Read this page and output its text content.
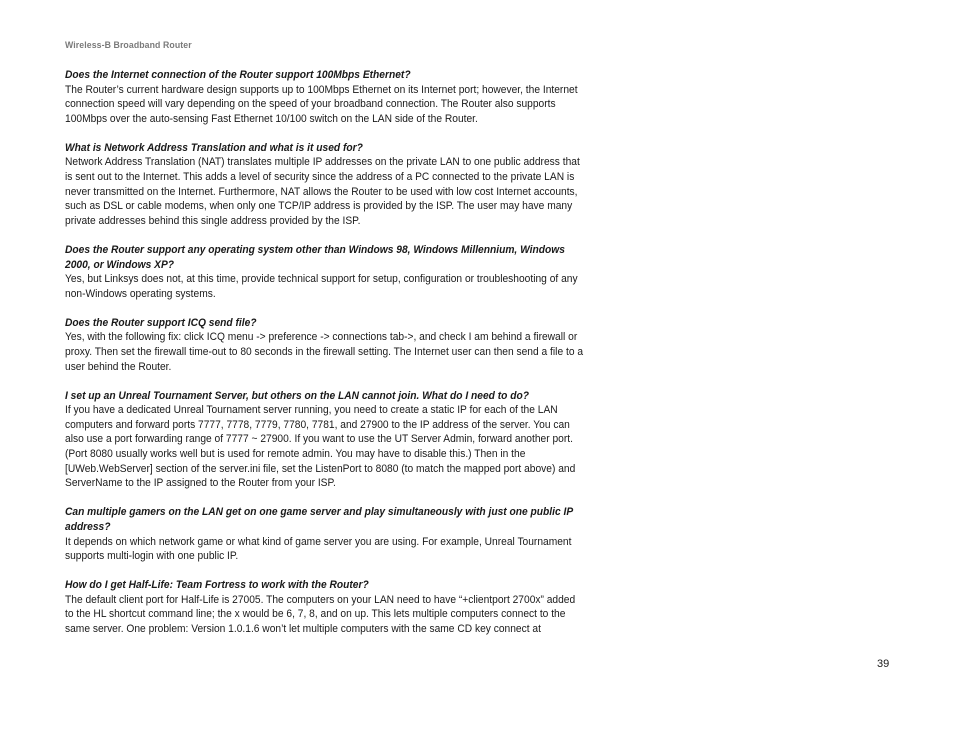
Wireless-B Broadband Router

Does the Internet connection of the Router support 100Mbps Ethernet?

The Router’s current hardware design supports up to 100Mbps Ethernet on its Internet port; however, the Internet connection speed will vary depending on the speed of your broadband connection. The Router also supports 100Mbps over the auto-sensing Fast Ethernet 10/100 switch on the LAN side of the Router.

What is Network Address Translation and what is it used for?

Network Address Translation (NAT) translates multiple IP addresses on the private LAN to one public address that is sent out to the Internet. This adds a level of security since the address of a PC connected to the private LAN is never transmitted on the Internet. Furthermore, NAT allows the Router to be used with low cost Internet accounts, such as DSL or cable modems, when only one TCP/IP address is provided by the ISP. The user may have many private addresses behind this single address provided by the ISP.

Does the Router support any operating system other than Windows 98, Windows Millennium, Windows 2000, or Windows XP?

Yes, but Linksys does not, at this time, provide technical support for setup, configuration or troubleshooting of any non-Windows operating systems.

Does the Router support ICQ send file?

Yes, with the following fix: click ICQ menu -> preference -> connections tab->, and check I am behind a firewall or proxy. Then set the firewall time-out to 80 seconds in the firewall setting. The Internet user can then send a file to a user behind the Router.

I set up an Unreal Tournament Server, but others on the LAN cannot join. What do I need to do?

If you have a dedicated Unreal Tournament server running, you need to create a static IP for each of the LAN computers and forward ports 7777, 7778, 7779, 7780, 7781, and 27900 to the IP address of the server. You can also use a port forwarding range of 7777 ~ 27900. If you want to use the UT Server Admin, forward another port. (Port 8080 usually works well but is used for remote admin. You may have to disable this.) Then in the [UWeb.WebServer] section of the server.ini file, set the ListenPort to 8080 (to match the mapped port above) and ServerName to the IP assigned to the Router from your ISP.

Can multiple gamers on the LAN get on one game server and play simultaneously with just one public IP address?

It depends on which network game or what kind of game server you are using. For example, Unreal Tournament supports multi-login with one public IP.

How do I get Half-Life: Team Fortress to work with the Router?

The default client port for Half-Life is 27005. The computers on your LAN need to have “+clientport 2700x” added to the HL shortcut command line; the x would be 6, 7, 8, and on up. This lets multiple computers connect to the same server. One problem: Version 1.0.1.6 won’t let multiple computers with the same CD key connect at

39
